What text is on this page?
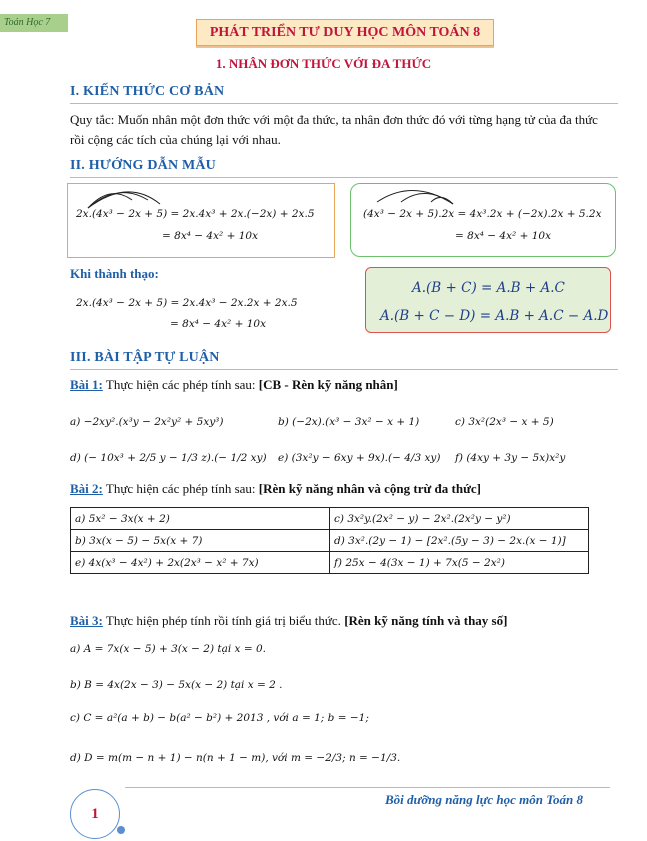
Toán Học 7
PHÁT TRIỂN TƯ DUY HỌC MÔN TOÁN 8
1. NHÂN ĐƠN THỨC VỚI ĐA THỨC
I. KIẾN THỨC CƠ BẢN
Quy tắc: Muốn nhân một đơn thức với một đa thức, ta nhân đơn thức đó với từng hạng tử của đa thức rồi cộng các tích của chúng lại với nhau.
II. HƯỚNG DẪN MẪU
2x.(4x³ − 2x + 5) = 2x.4x³ + 2x.(−2x) + 2x.5
= 8x⁴ − 4x² + 10x
(4x³ − 2x + 5).2x = 4x³.2x + (−2x).2x + 5.2x
= 8x⁴ − 4x² + 10x
Khi thành thạo:
2x.(4x³ − 2x + 5) = 2x.4x³ − 2x.2x + 2x.5
= 8x⁴ − 4x² + 10x
A.(B + C) = A.B + A.C
A.(B + C − D) = A.B + A.C − A.D
III. BÀI TẬP TỰ LUẬN
Bài 1: Thực hiện các phép tính sau: [CB - Rèn kỹ năng nhân]
a) −2xy².(x³y − 2x²y² + 5xy³)	b) (−2x).(x³ − 3x² − x + 1)	c) 3x²(2x³ − x + 5)
d) (− 10x³ + 2/5 y − 1/3 z).(− 1/2 xy) e) (3x²y − 6xy + 9x).(− 4/3 xy) f) (4xy + 3y − 5x)x²y
Bài 2: Thực hiện các phép tính sau: [Rèn kỹ năng nhân và cộng trừ đa thức]
a) 5x² − 3x(x + 2)	c) 3x²y.(2x² − y) − 2x².(2x²y − y²)
b) 3x(x − 5) − 5x(x + 7)	d) 3x².(2y − 1) − [2x².(5y − 3) − 2x.(x − 1)]
e) 4x(x³ − 4x²) + 2x(2x³ − x² + 7x)	f) 25x − 4(3x − 1) + 7x(5 − 2x²)
Bài 3: Thực hiện phép tính rồi tính giá trị biểu thức. [Rèn kỹ năng tính và thay số]
a) A = 7x(x − 5) + 3(x − 2) tại x = 0.
b) B = 4x(2x − 3) − 5x(x − 2) tại x = 2 .
c) C = a²(a + b) − b(a² − b²) + 2013 , với a = 1; b = −1;
d) D = m(m − n + 1) − n(n + 1 − m), với m = −2/3; n = −1/3.
1
Bồi dưỡng năng lực học môn Toán 8
